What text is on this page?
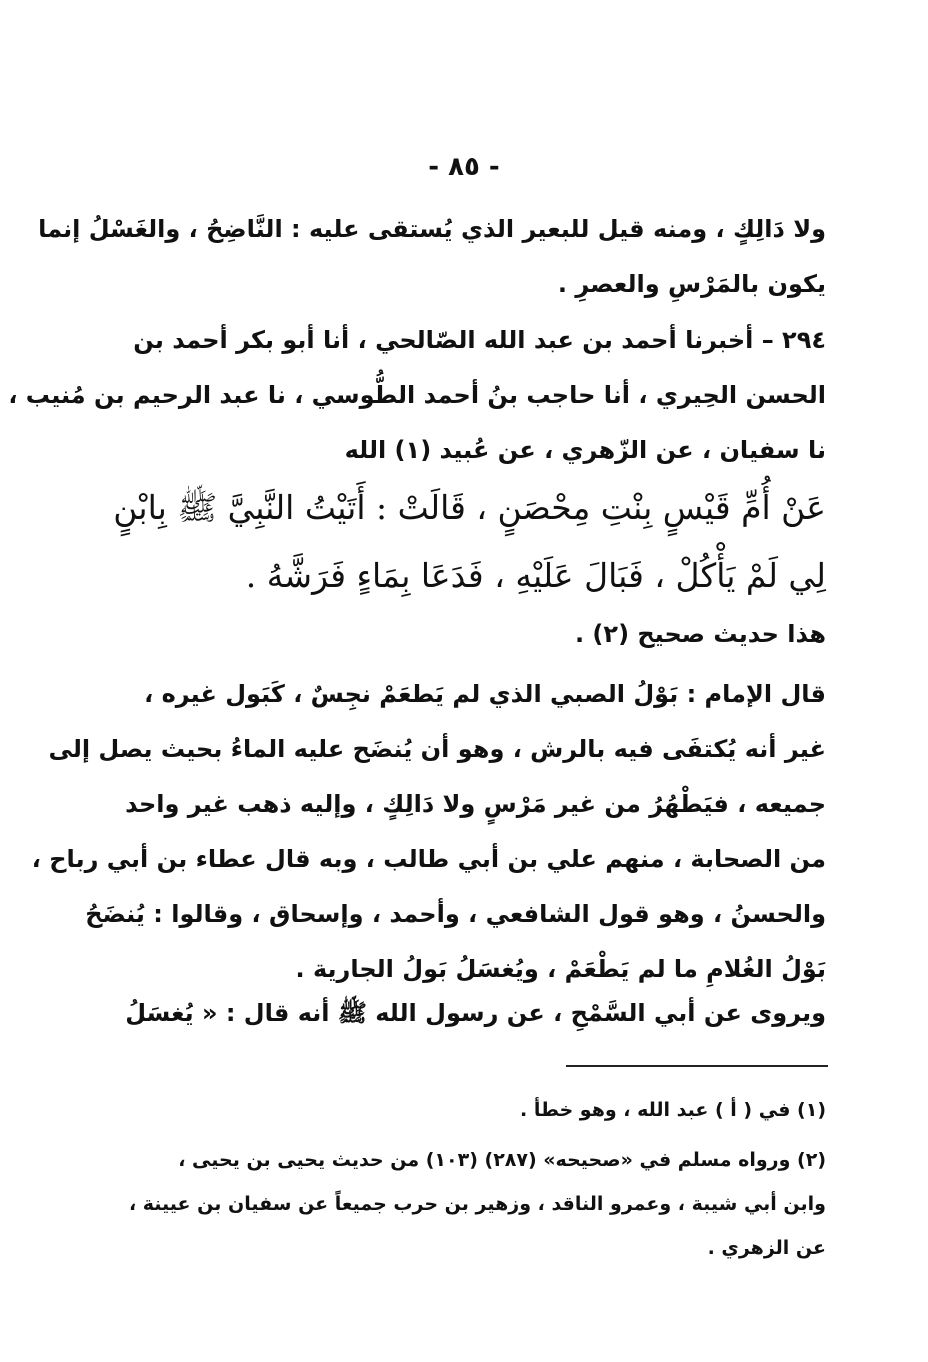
- ٨٥ -
ولا دَالِكٍ ، ومنه قيل للبعير الذي يُستقى عليه : النَّاضِحُ ، والغَسْلُ إنما
يكون بالمَرْسِ والعصرِ .
٢٩٤ – أخبرنا أحمد بن عبد الله الصّالحي ، أنا أبو بكر أحمد بن
الحسن الحِيري ، أنا حاجب بنُ أحمد الطُّوسي ، نا عبد الرحيم بن مُنيب ،
نا سفيان ، عن الزّهري ، عن عُبيد (١) الله
عَنْ أُمِّ قَيْسٍ بِنْتِ مِحْصَنٍ ، قَالَتْ : أَتَيْتُ النَّبِيَّ ﷺ بِابْنٍ
لِي لَمْ يَأْكُلْ ، فَبَالَ عَلَيْهِ ، فَدَعَا بِمَاءٍ فَرَشَّهُ .
هذا حديث صحيح (٢) .
قال الإمام : بَوْلُ الصبي الذي لم يَطعَمْ نجِسٌ ، كَبَول غيره ،
غير أنه يُكتفَى فيه بالرش ، وهو أن يُنضَح عليه الماءُ بحيث يصل إلى
جميعه ، فيَطْهُرُ من غير مَرْسٍ ولا دَالِكٍ ، وإليه ذهب غير واحد
من الصحابة ، منهم علي بن أبي طالب ، وبه قال عطاء بن أبي رباح ،
والحسنُ ، وهو قول الشافعي ، وأحمد ، وإسحاق ، وقالوا : يُنضَحُ
بَوْلُ الغُلامِ ما لم يَطْعَمْ ، ويُغسَلُ بَولُ الجارية .
ويروى عن أبي السَّمْحِ ، عن رسول الله ﷺ أنه قال : « يُغسَلُ
(١) في ( أ ) عبد الله ، وهو خطأ .
(٢) ورواه مسلم في «صحيحه» (٢٨٧) (١٠٣) من حديث يحيى بن يحيى ،
وابن أبي شيبة ، وعمرو الناقد ، وزهير بن حرب جميعاً عن سفيان بن عيينة ،
عن الزهري .
